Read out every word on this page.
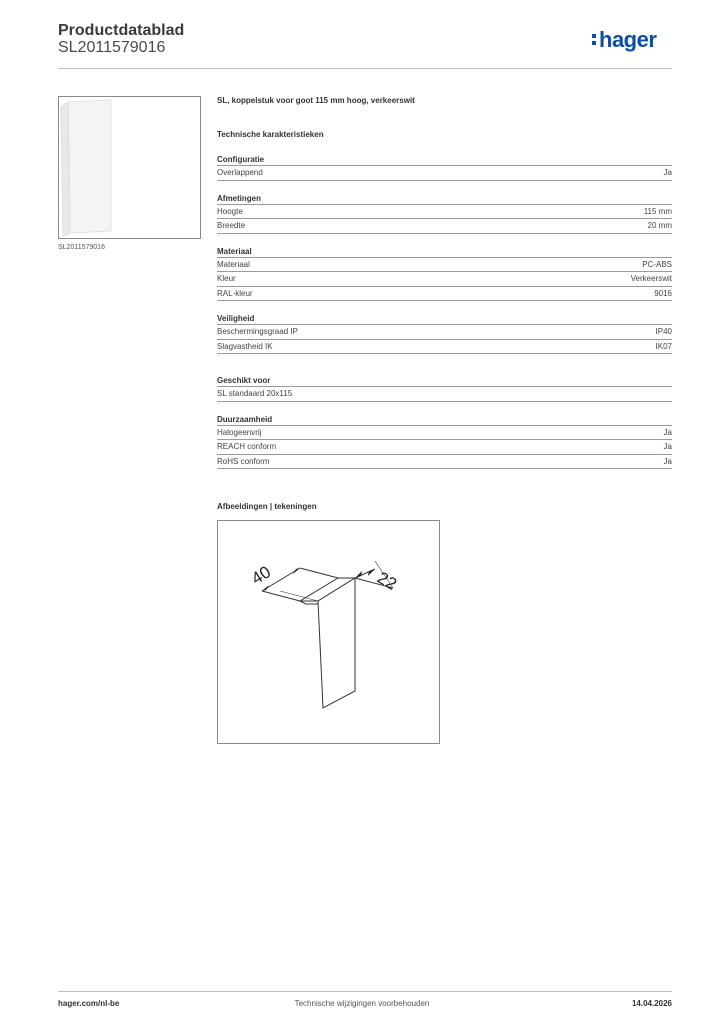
Productdatablad
SL2011579016	hager
SL2011579016
SL, koppelstuk voor goot 115 mm hoog, verkeerswit
Technische karakteristieken
Configuratie
Overlappend	Ja
Afmetingen
Hoogte	115 mm
Breedte	20 mm
Materiaal
Materiaal	PC-ABS
Kleur	Verkeerswit
RAL-kleur	9016
Veiligheid
Beschermingsgraad IP	IP40
Slagvastheid IK	IK07
Geschikt voor
SL standaard 20x115
Duurzaamheid
Halogeenvrij	Ja
REACH conform	Ja
RoHS conform	Ja
Afbeeldingen | tekeningen
40	22
hager.com/nl-be	Technische wijzigingen voorbehouden	14.04.2026
